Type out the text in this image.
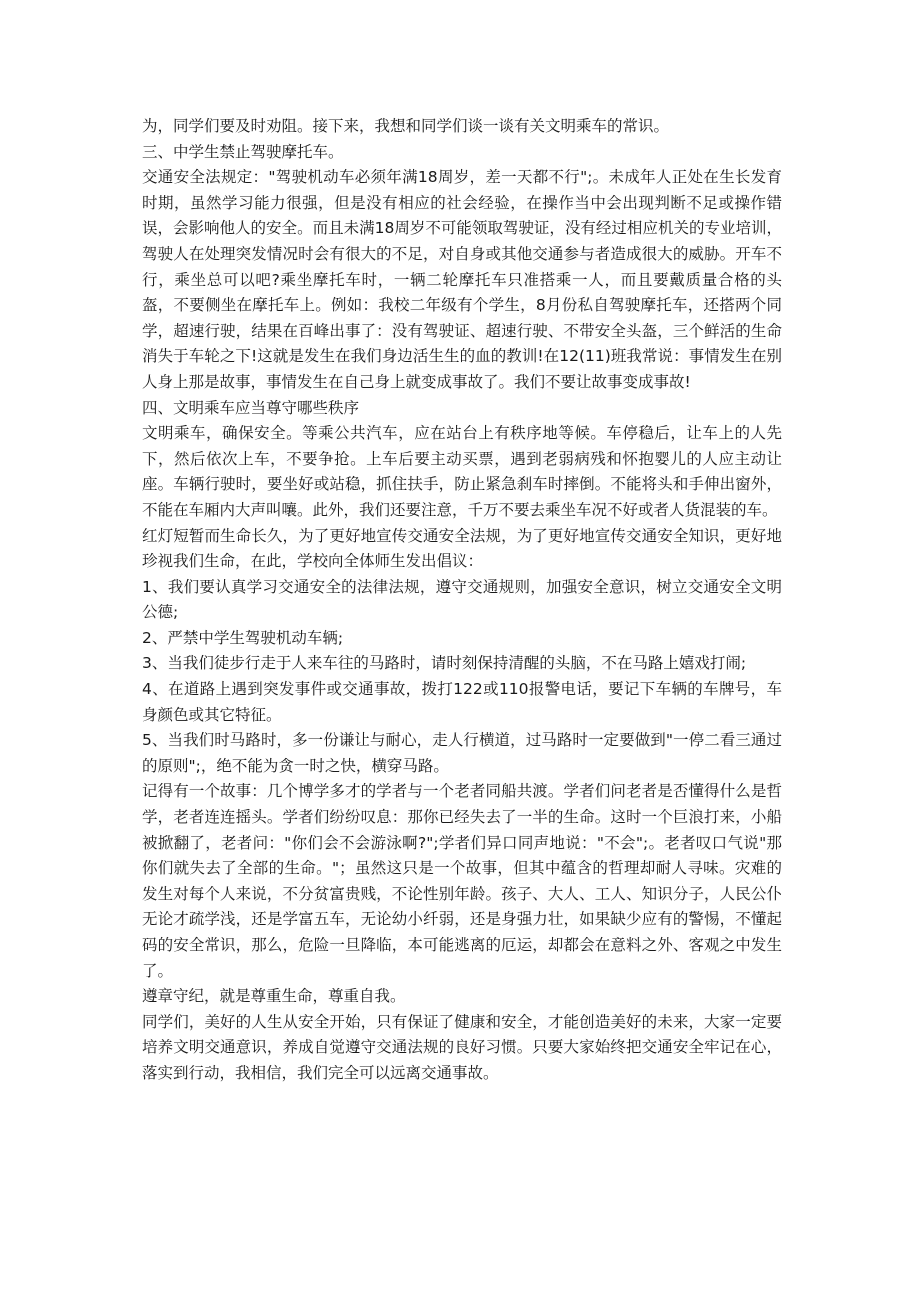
为，同学们要及时劝阻。接下来，我想和同学们谈一谈有关文明乘车的常识。

三、中学生禁止驾驶摩托车。

交通安全法规定："驾驶机动车必须年满18周岁，差一天都不行";。未成年人正处在生长发育时期，虽然学习能力很强，但是没有相应的社会经验，在操作当中会出现判断不足或操作错误，会影响他人的安全。而且未满18周岁不可能领取驾驶证，没有经过相应机关的专业培训，驾驶人在处理突发情况时会有很大的不足，对自身或其他交通参与者造成很大的威胁。开车不行，乘坐总可以吧?乘坐摩托车时，一辆二轮摩托车只准搭乘一人，而且要戴质量合格的头盔，不要侧坐在摩托车上。例如：我校二年级有个学生，8月份私自驾驶摩托车，还搭两个同学，超速行驶，结果在百峰出事了：没有驾驶证、超速行驶、不带安全头盔，三个鲜活的生命消失于车轮之下!这就是发生在我们身边活生生的血的教训!在12(11)班我常说：事情发生在别人身上那是故事，事情发生在自己身上就变成事故了。我们不要让故事变成事故!

四、文明乘车应当尊守哪些秩序

文明乘车，确保安全。等乘公共汽车，应在站台上有秩序地等候。车停稳后，让车上的人先下，然后依次上车，不要争抢。上车后要主动买票，遇到老弱病残和怀抱婴儿的人应主动让座。车辆行驶时，要坐好或站稳，抓住扶手，防止紧急刹车时摔倒。不能将头和手伸出窗外，不能在车厢内大声叫嚷。此外，我们还要注意，千万不要去乘坐车况不好或者人货混装的车。

红灯短暂而生命长久，为了更好地宣传交通安全法规，为了更好地宣传交通安全知识，更好地珍视我们生命，在此，学校向全体师生发出倡议：

1、我们要认真学习交通安全的法律法规，遵守交通规则，加强安全意识，树立交通安全文明公德;

2、严禁中学生驾驶机动车辆;

3、当我们徒步行走于人来车往的马路时，请时刻保持清醒的头脑，不在马路上嬉戏打闹;

4、在道路上遇到突发事件或交通事故，拨打122或110报警电话，要记下车辆的车牌号，车身颜色或其它特征。

5、当我们时马路时，多一份谦让与耐心，走人行横道，过马路时一定要做到"一停二看三通过的原则";，绝不能为贪一时之快，横穿马路。

记得有一个故事：几个博学多才的学者与一个老者同船共渡。学者们问老者是否懂得什么是哲学，老者连连摇头。学者们纷纷叹息：那你已经失去了一半的生命。这时一个巨浪打来，小船被掀翻了，老者问："你们会不会游泳啊?";学者们异口同声地说："不会";。老者叹口气说"那你们就失去了全部的生命。"；虽然这只是一个故事，但其中蕴含的哲理却耐人寻味。灾难的发生对每个人来说，不分贫富贵贱，不论性别年龄。孩子、大人、工人、知识分子，人民公仆无论才疏学浅，还是学富五车，无论幼小纤弱，还是身强力壮，如果缺少应有的警惕，不懂起码的安全常识，那么，危险一旦降临，本可能逃离的厄运，却都会在意料之外、客观之中发生了。

遵章守纪，就是尊重生命，尊重自我。

同学们，美好的人生从安全开始，只有保证了健康和安全，才能创造美好的未来，大家一定要培养文明交通意识，养成自觉遵守交通法规的良好习惯。只要大家始终把交通安全牢记在心，落实到行动，我相信，我们完全可以远离交通事故。
